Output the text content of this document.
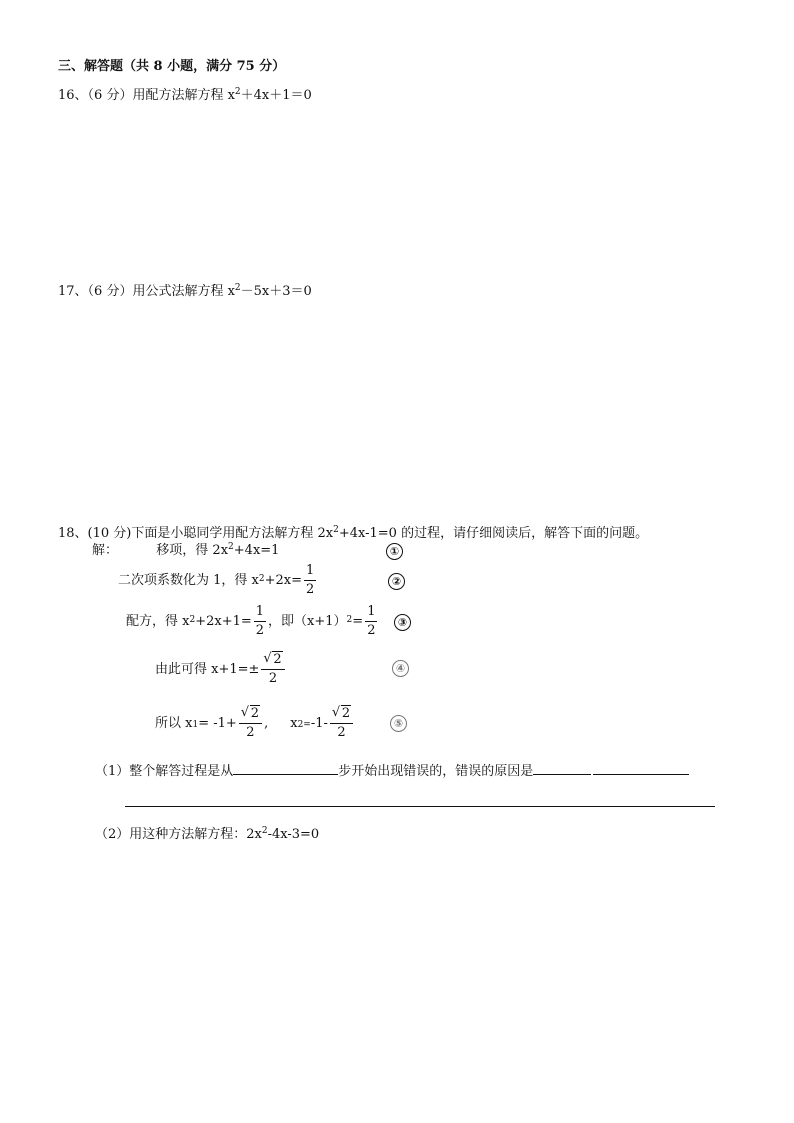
三、解答题（共 8 小题，满分 75 分）
16、（6 分）用配方法解方程 $x^2+4x+1=0$
17、（6 分）用公式法解方程 $x^2-5x+3=0$
18、(10 分)下面是小聪同学用配方法解方程 $2x^2+4x-1=0$ 的过程，请仔细阅读后，解答下面的问题。
解：	移项，得 $2x^2+4x=1$	①
二次项系数化为 1，得 $x^2 +2x= \frac{1}{2}$	②
配方，得 $x^2 +2x+1= \frac{1}{2}$ ，即$(x+1)^2 = \frac{1}{2}$	③
由此可得 $x+1=\pm \frac{√ 2}{2}$	④
所以 $x_1 = -1+ \frac{√ 2}{2}$ , $x_{2=}$ $-1- \frac{√ 2}{2}$	⑤
（1）整个解答过程是从	步开始出现错误的，错误的原因是
（2）用这种方法解方程：$2x^2-4x-3=0$
